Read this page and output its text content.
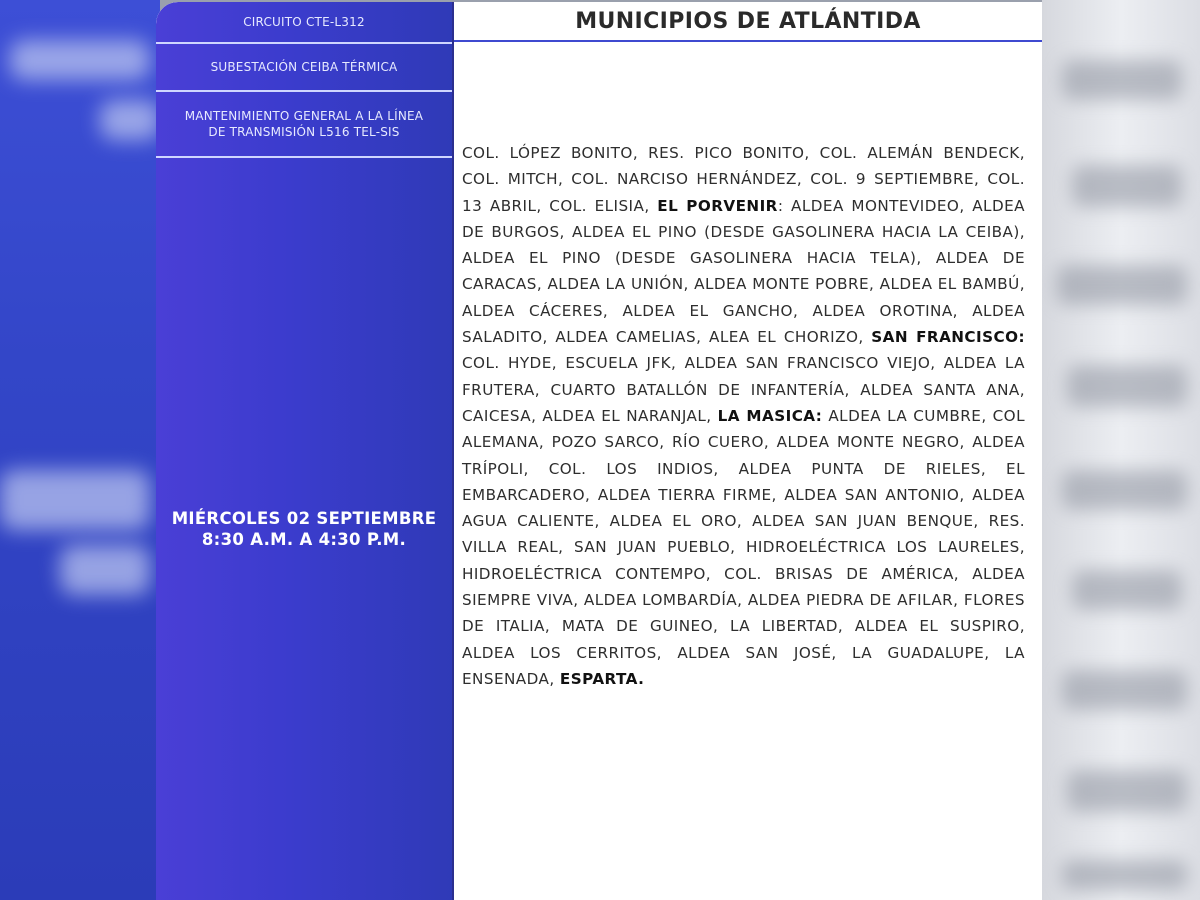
CIRCUITO CTE-L312
SUBESTACIÓN CEIBA TÉRMICA
MANTENIMIENTO GENERAL A LA LÍNEA
DE TRANSMISIÓN L516 TEL-SIS
MIÉRCOLES 02 SEPTIEMBRE
8:30 A.M. A 4:30 P.M.
MUNICIPIOS DE ATLÁNTIDA
COL. LÓPEZ BONITO, RES. PICO BONITO, COL. ALEMÁN BENDECK, COL. MITCH, COL. NARCISO HERNÁNDEZ, COL. 9 SEPTIEMBRE, COL. 13 ABRIL, COL. ELISIA, EL PORVENIR: ALDEA MONTEVIDEO, ALDEA DE BURGOS, ALDEA EL PINO (DESDE GASOLINERA HACIA LA CEIBA), ALDEA EL PINO (DESDE GASOLINERA HACIA TELA), ALDEA DE CARACAS, ALDEA LA UNIÓN, ALDEA MONTE POBRE, ALDEA EL BAMBÚ, ALDEA CÁCERES, ALDEA EL GANCHO, ALDEA OROTINA, ALDEA SALADITO, ALDEA CAMELIAS, ALEA EL CHORIZO, SAN FRANCISCO: COL. HYDE, ESCUELA JFK, ALDEA SAN FRANCISCO VIEJO, ALDEA LA FRUTERA, CUARTO BATALLÓN DE INFANTERÍA, ALDEA SANTA ANA, CAICESA, ALDEA EL NARANJAL, LA MASICA: ALDEA LA CUMBRE, COL ALEMANA, POZO SARCO, RÍO CUERO, ALDEA MONTE NEGRO, ALDEA TRÍPOLI, COL. LOS INDIOS, ALDEA PUNTA DE RIELES, EL EMBARCADERO, ALDEA TIERRA FIRME, ALDEA SAN ANTONIO, ALDEA AGUA CALIENTE, ALDEA EL ORO, ALDEA SAN JUAN BENQUE, RES. VILLA REAL, SAN JUAN PUEBLO, HIDROELÉCTRICA LOS LAURELES, HIDROELÉCTRICA CONTEMPO, COL. BRISAS DE AMÉRICA, ALDEA SIEMPRE VIVA, ALDEA LOMBARDÍA, ALDEA PIEDRA DE AFILAR, FLORES DE ITALIA, MATA DE GUINEO, LA LIBERTAD, ALDEA EL SUSPIRO, ALDEA LOS CERRITOS, ALDEA SAN JOSÉ, LA GUADALUPE, LA ENSENADA, ESPARTA.
